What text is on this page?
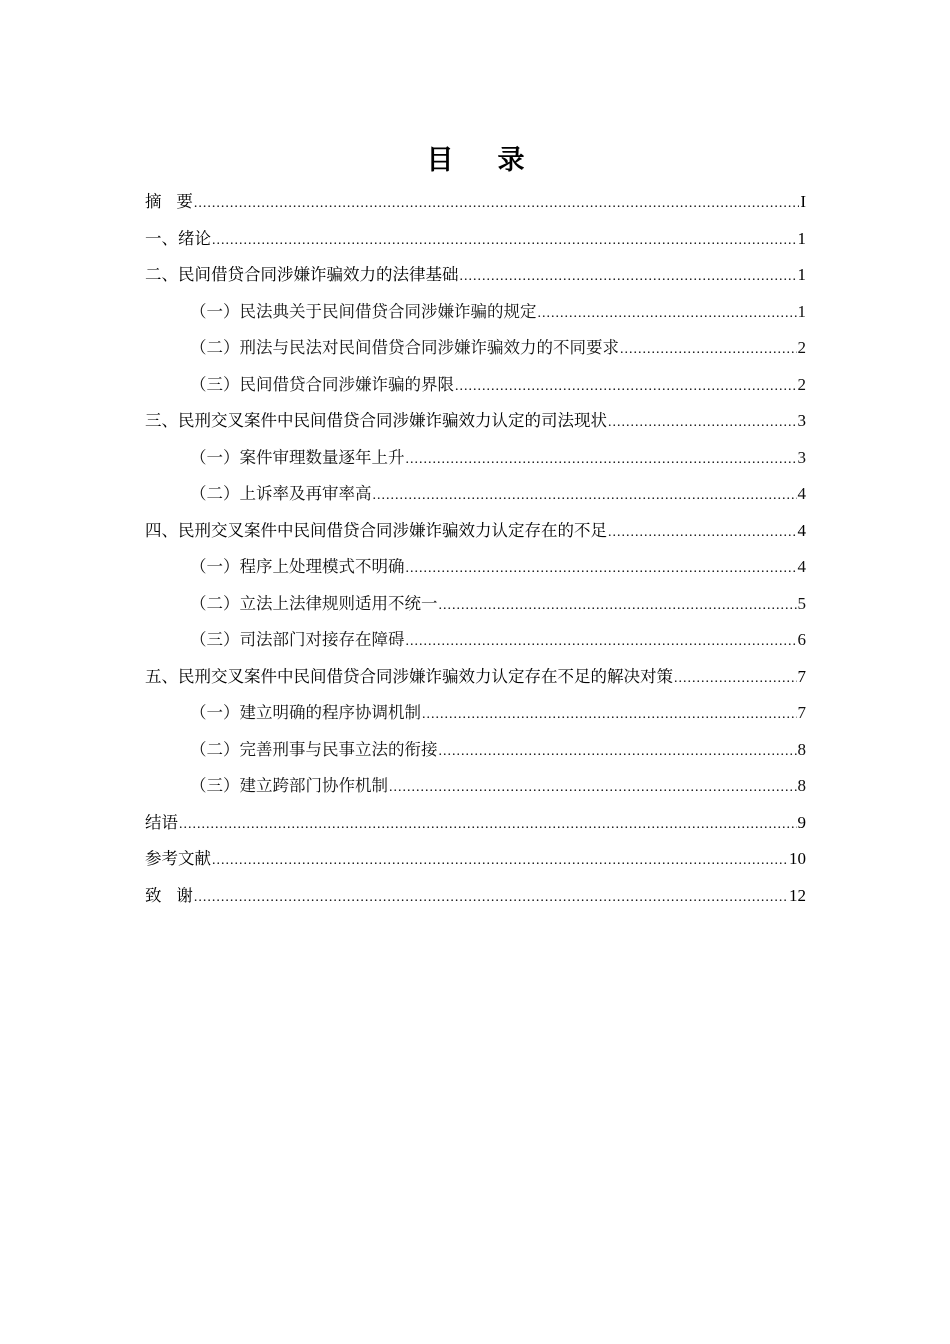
目录
摘要 .....	I
一、绪论 .....	1
二、民间借贷合同涉嫌诈骗效力的法律基础 .....	1
（一）民法典关于民间借贷合同涉嫌诈骗的规定 .....	1
（二）刑法与民法对民间借贷合同涉嫌诈骗效力的不同要求 .....	2
（三）民间借贷合同涉嫌诈骗的界限 .....	2
三、民刑交叉案件中民间借贷合同涉嫌诈骗效力认定的司法现状 .....	3
（一）案件审理数量逐年上升 .....	3
（二）上诉率及再审率高 .....	4
四、民刑交叉案件中民间借贷合同涉嫌诈骗效力认定存在的不足 .....	4
（一）程序上处理模式不明确 .....	4
（二）立法上法律规则适用不统一 .....	5
（三）司法部门对接存在障碍 .....	6
五、民刑交叉案件中民间借贷合同涉嫌诈骗效力认定存在不足的解决对策 .....	7
（一）建立明确的程序协调机制 .....	7
（二）完善刑事与民事立法的衔接 .....	8
（三）建立跨部门协作机制 .....	8
结语 .....	9
参考文献 .....	10
致谢 .....	12
